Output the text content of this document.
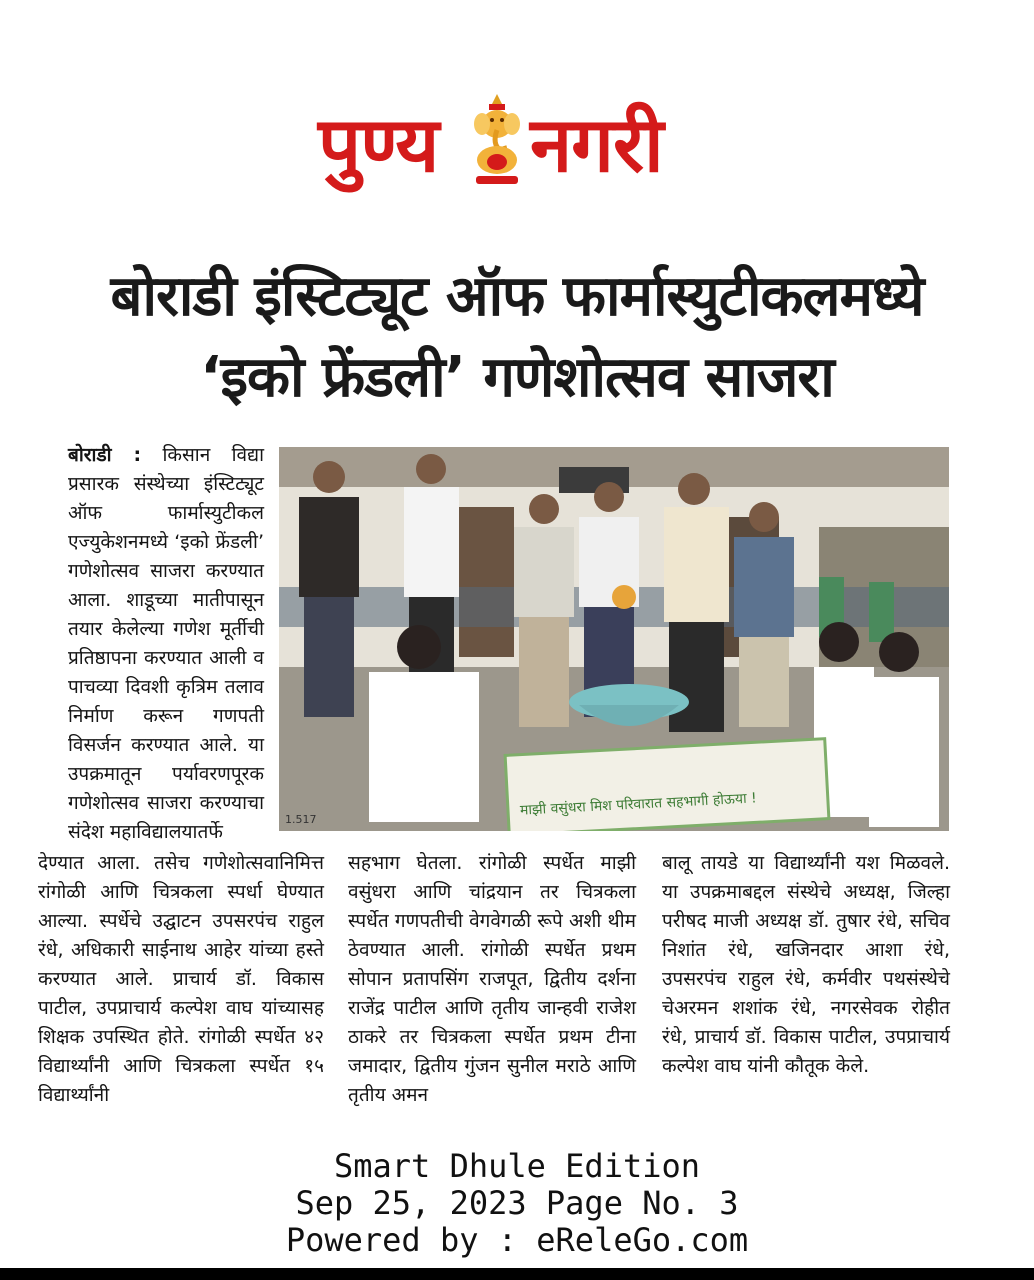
पुण्य नगरी
बोराडी इंस्टिट्यूट ऑफ फार्मास्युटीकलमध्ये
‘इको फ्रेंडली’ गणेशोत्सव साजरा

बोराडी : किसान विद्या प्रसारक संस्थेच्या इंस्टिट्यूट ऑफ फार्मास्युटीकल एज्युकेशनमध्ये ‘इको फ्रेंडली’ गणेशोत्सव साजरा करण्यात आला. शाडूच्या मातीपासून तयार केलेल्या गणेश मूर्तीची प्रतिष्ठापना करण्यात आली व पाचव्या दिवशी कृत्रिम तलाव निर्माण करून गणपती विसर्जन करण्यात आले. या उपक्रमातून पर्यावरणपूरक गणेशोत्सव साजरा करण्याचा संदेश महाविद्यालयातर्फे

माझी वसुंधरा मिश परिवारात सहभागी होऊया !
1.517

देण्यात आला. तसेच गणेशोत्सवानिमित्त रांगोळी आणि चित्रकला स्पर्धा घेण्यात आल्या. स्पर्धेचे उद्घाटन उपसरपंच राहुल रंधे, अधिकारी साईनाथ आहेर यांच्या हस्ते करण्यात आले. प्राचार्य डॉ. विकास पाटील, उपप्राचार्य कल्पेश वाघ यांच्यासह शिक्षक उपस्थित होते. रांगोळी स्पर्धेत ४२ विद्यार्थ्यांनी आणि चित्रकला स्पर्धेत १५ विद्यार्थ्यांनी

सहभाग घेतला. रांगोळी स्पर्धेत माझी वसुंधरा आणि चांद्रयान तर चित्रकला स्पर्धेत गणपतीची वेगवेगळी रूपे अशी थीम ठेवण्यात आली. रांगोळी स्पर्धेत प्रथम सोपान प्रतापसिंग राजपूत, द्वितीय दर्शना राजेंद्र पाटील आणि तृतीय जान्हवी राजेश ठाकरे तर चित्रकला स्पर्धेत प्रथम टीना जमादार, द्वितीय गुंजन सुनील मराठे आणि तृतीय अमन

बालू तायडे या विद्यार्थ्यांनी यश मिळवले. या उपक्रमाबद्दल संस्थेचे अध्यक्ष, जिल्हा परीषद माजी अध्यक्ष डॉ. तुषार रंधे, सचिव निशांत रंधे, खजिनदार आशा रंधे, उपसरपंच राहुल रंधे, कर्मवीर पथसंस्थेचे चेअरमन शशांक रंधे, नगरसेवक रोहीत रंधे, प्राचार्य डॉ. विकास पाटील, उपप्राचार्य कल्पेश वाघ यांनी कौतूक केले.

Smart Dhule Edition
Sep 25, 2023 Page No. 3
Powered by : eReleGo.com
